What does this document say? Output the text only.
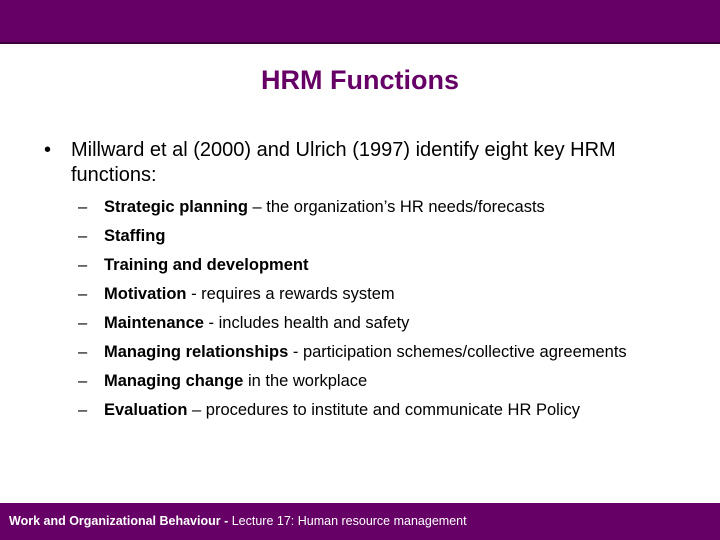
HRM Functions
• Millward et al (2000) and Ulrich (1997) identify eight key HRM functions:
– Strategic planning – the organization’s HR needs/forecasts
– Staffing
– Training and development
– Motivation - requires a rewards system
– Maintenance - includes health and safety
– Managing relationships - participation schemes/collective agreements
– Managing change in the workplace
– Evaluation – procedures to institute and communicate HR Policy
Work and Organizational Behaviour - Lecture 17: Human resource management
